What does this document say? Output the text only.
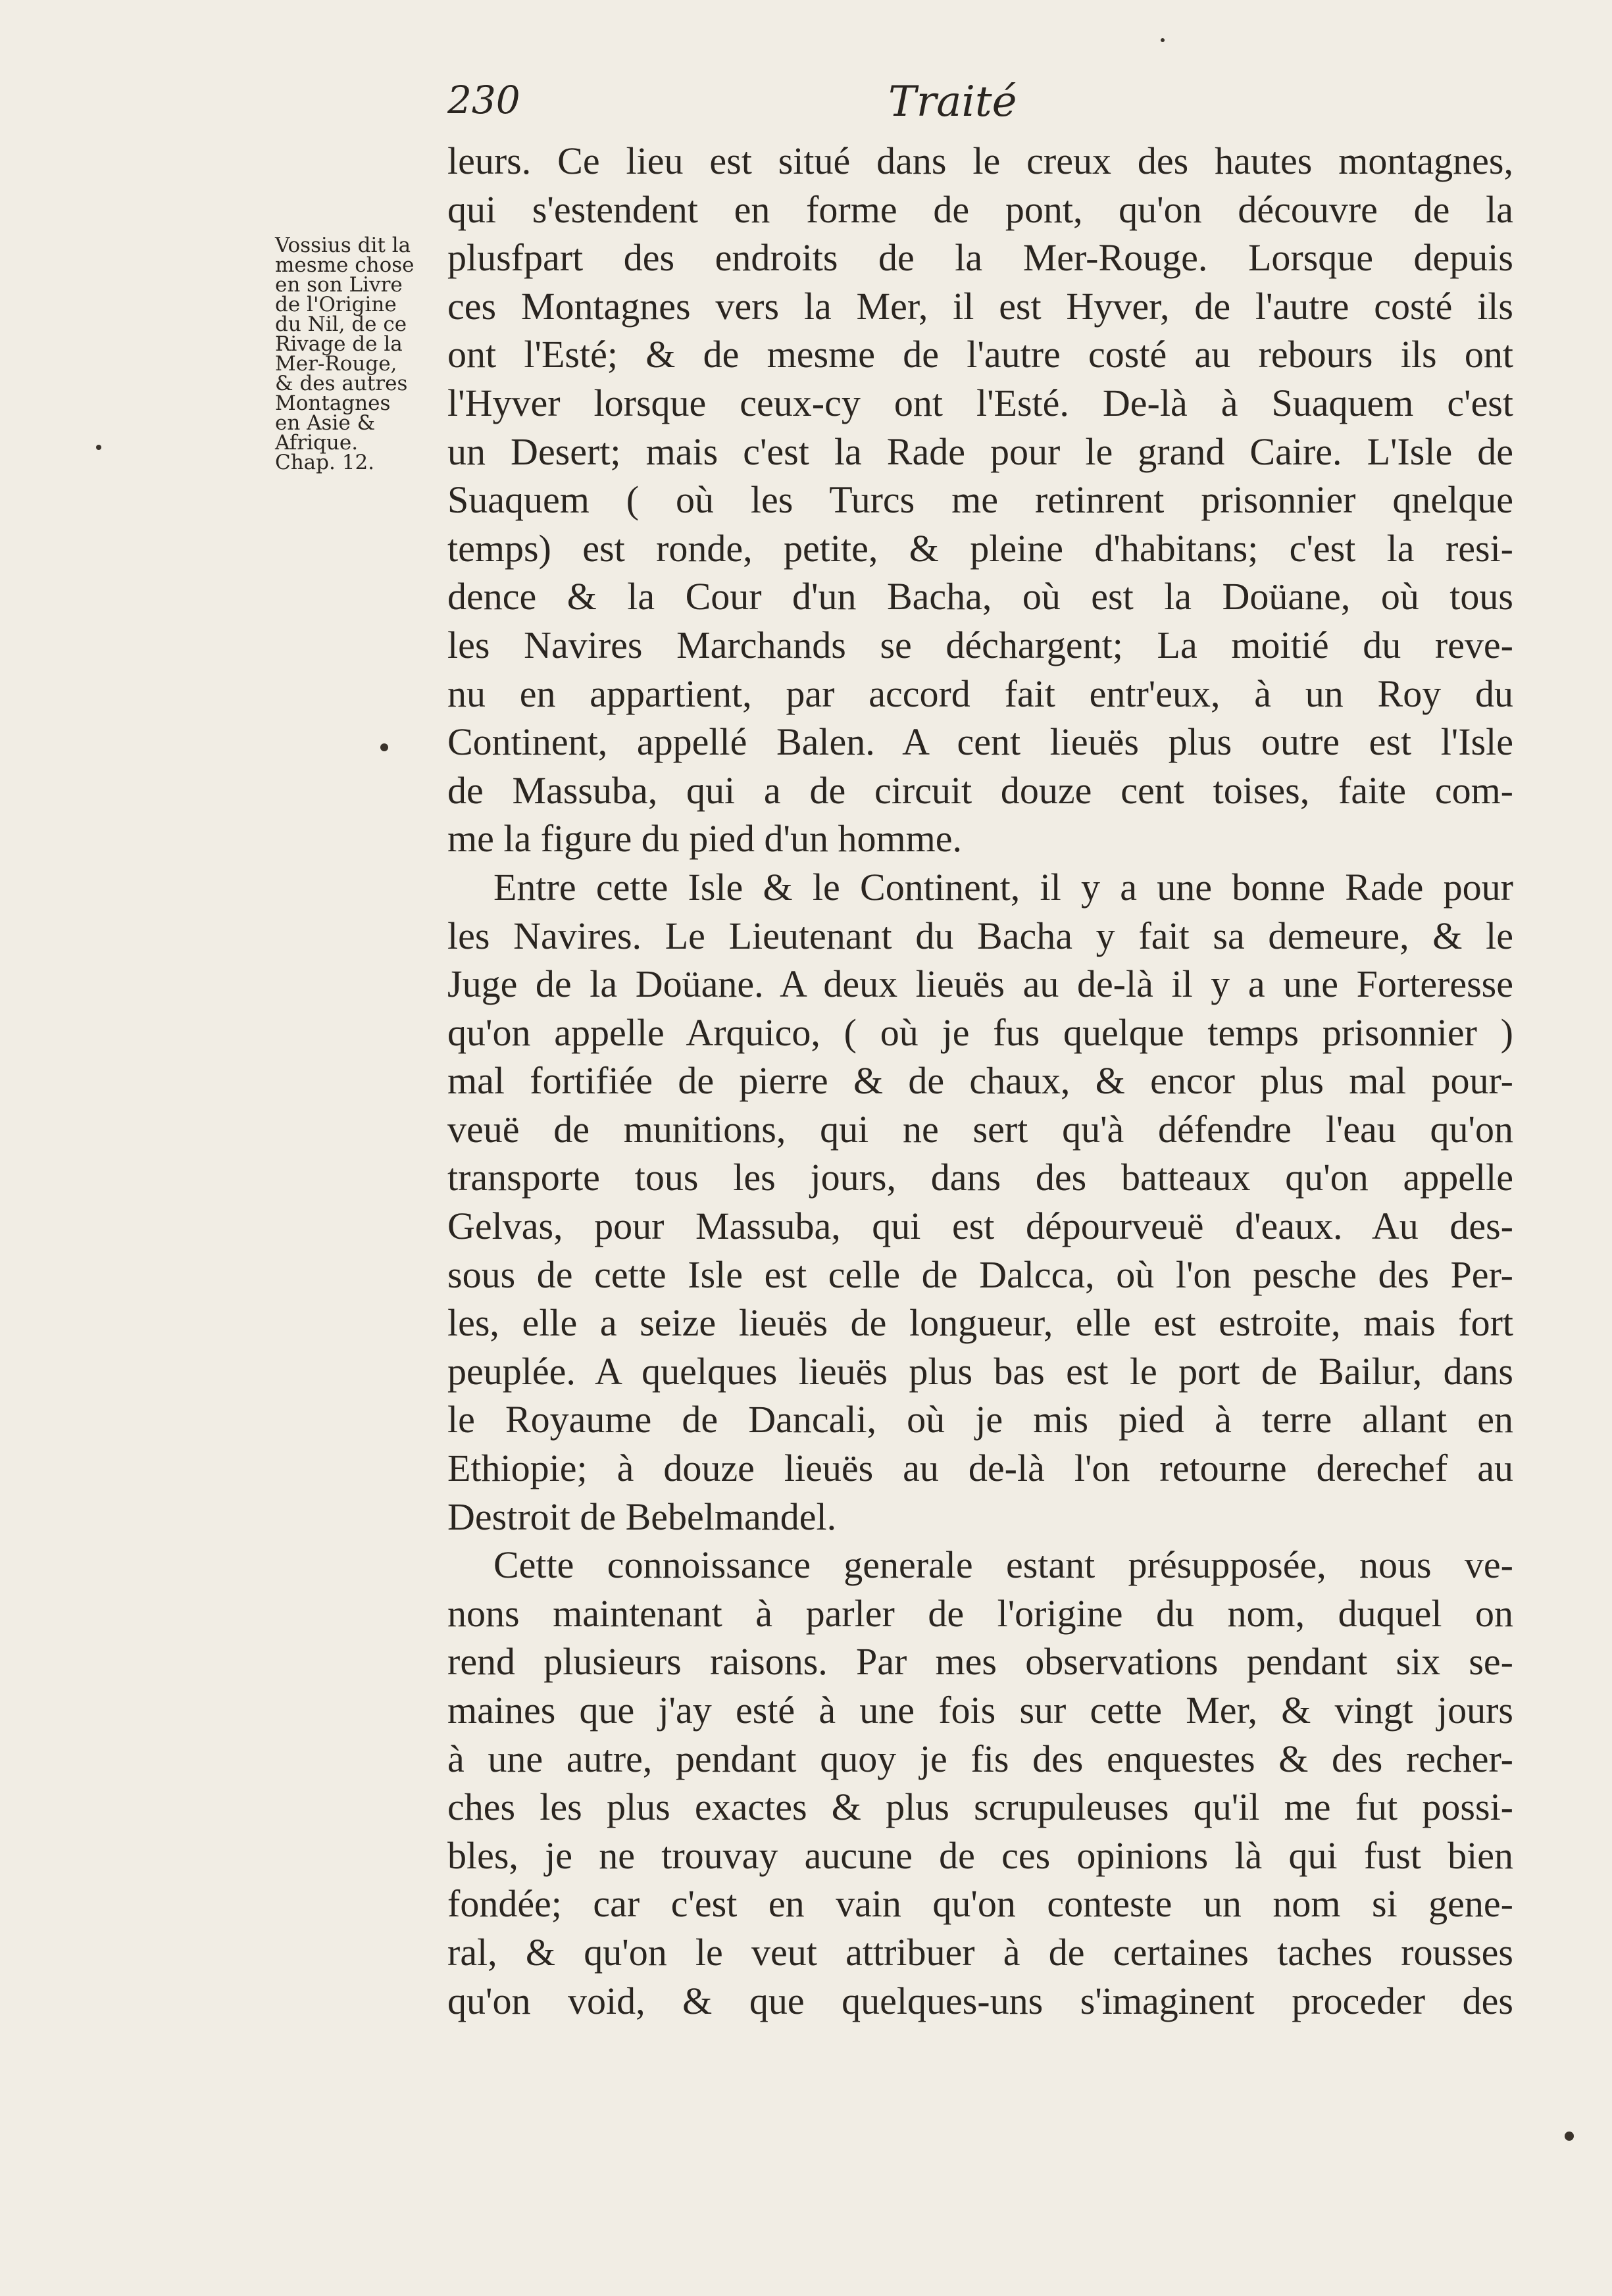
230	Traité
Vossius dit la
mesme chose
en son Livre
de l'Origine
du Nil, de ce
Rivage de la
Mer-Rouge,
& des autres
Montagnes
en Asie &
Afrique.
Chap. 12.
leurs. Ce lieu est situé dans le creux des hautes montagnes,
qui s'estendent en forme de pont, qu'on découvre de la
plusfpart des endroits de la Mer-Rouge. Lorsque depuis
ces Montagnes vers la Mer, il est Hyver, de l'autre costé ils
ont l'Esté; & de mesme de l'autre costé au rebours ils ont
l'Hyver lorsque ceux-cy ont l'Esté. De-là à Suaquem c'est
un Desert; mais c'est la Rade pour le grand Caire. L'Isle de
Suaquem ( où les Turcs me retinrent prisonnier qnelque
temps) est ronde, petite, & pleine d'habitans; c'est la resi-
dence & la Cour d'un Bacha, où est la Doüane, où tous
les Navires Marchands se déchargent; La moitié du reve-
nu en appartient, par accord fait entr'eux, à un Roy du
Continent, appellé Balen. A cent lieuës plus outre est l'Isle
de Massuba, qui a de circuit douze cent toises, faite com-
me la figure du pied d'un homme.
Entre cette Isle & le Continent, il y a une bonne Rade pour
les Navires. Le Lieutenant du Bacha y fait sa demeure, & le
Juge de la Doüane. A deux lieuës au de-là il y a une Forteresse
qu'on appelle Arquico, ( où je fus quelque temps prisonnier )
mal fortifiée de pierre & de chaux, & encor plus mal pour-
veuë de munitions, qui ne sert qu'à défendre l'eau qu'on
transporte tous les jours, dans des batteaux qu'on appelle
Gelvas, pour Massuba, qui est dépourveuë d'eaux. Au des-
sous de cette Isle est celle de Dalcca, où l'on pesche des Per-
les, elle a seize lieuës de longueur, elle est estroite, mais fort
peuplée. A quelques lieuës plus bas est le port de Bailur, dans
le Royaume de Dancali, où je mis pied à terre allant en
Ethiopie; à douze lieuës au de-là l'on retourne derechef au
Destroit de Bebelmandel.
Cette connoissance generale estant présupposée, nous ve-
nons maintenant à parler de l'origine du nom, duquel on
rend plusieurs raisons. Par mes observations pendant six se-
maines que j'ay esté à une fois sur cette Mer, & vingt jours
à une autre, pendant quoy je fis des enquestes & des recher-
ches les plus exactes & plus scrupuleuses qu'il me fut possi-
bles, je ne trouvay aucune de ces opinions là qui fust bien
fondée; car c'est en vain qu'on conteste un nom si gene-
ral, & qu'on le veut attribuer à de certaines taches rousses
qu'on void, & que quelques-uns s'imaginent proceder des
